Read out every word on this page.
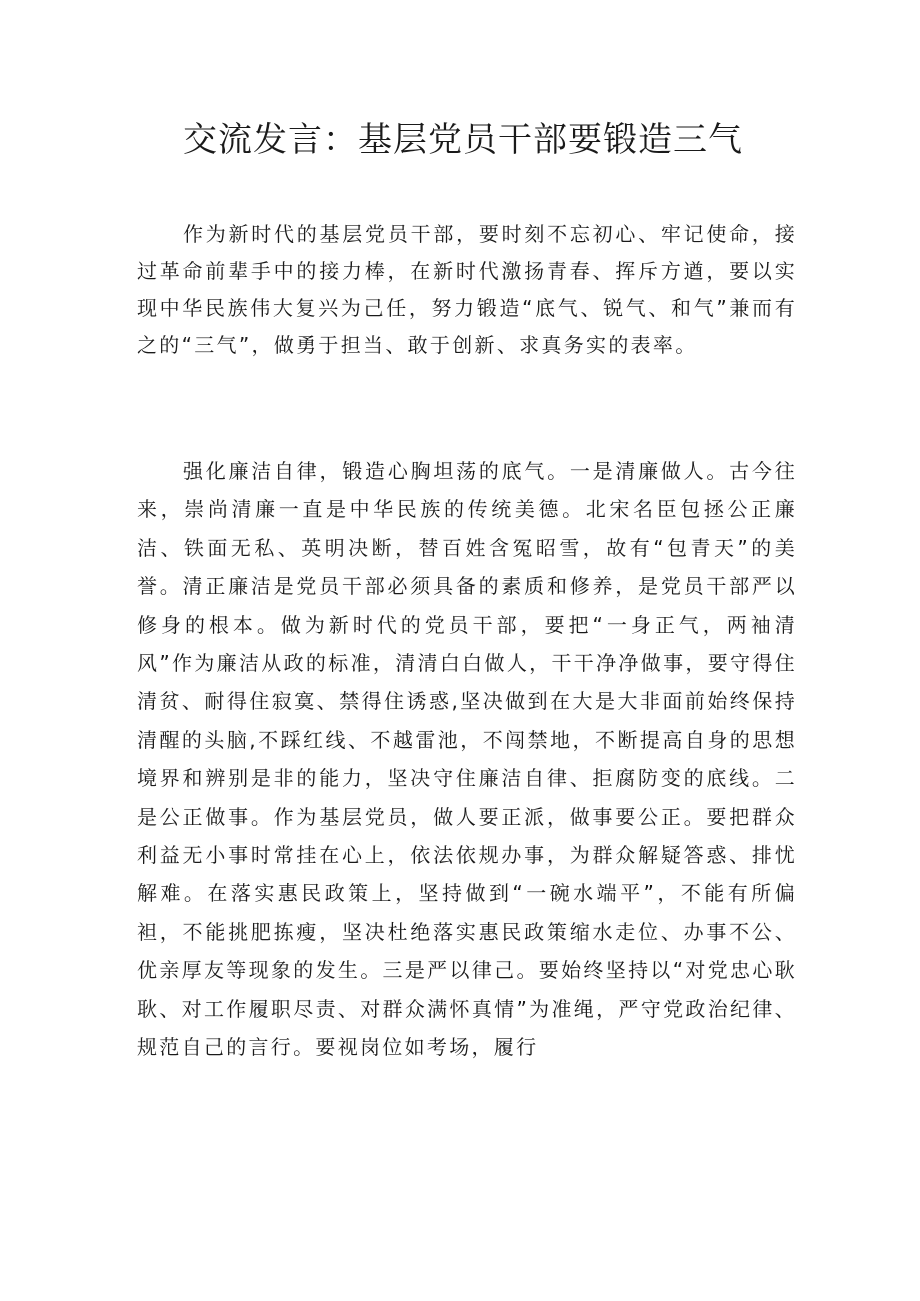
交流发言：基层党员干部要锻造三气

作为新时代的基层党员干部，要时刻不忘初心、牢记使命，接过革命前辈手中的接力棒，在新时代激扬青春、挥斥方遒，要以实现中华民族伟大复兴为己任，努力锻造“底气、锐气、和气”兼而有之的“三气”，做勇于担当、敢于创新、求真务实的表率。

强化廉洁自律，锻造心胸坦荡的底气。一是清廉做人。古今往来，崇尚清廉一直是中华民族的传统美德。北宋名臣包拯公正廉洁、铁面无私、英明决断，替百姓含冤昭雪，故有“包青天”的美誉。清正廉洁是党员干部必须具备的素质和修养，是党员干部严以修身的根本。做为新时代的党员干部，要把“一身正气，两袖清风”作为廉洁从政的标准，清清白白做人，干干净净做事，要守得住清贫、耐得住寂寞、禁得住诱惑,坚决做到在大是大非面前始终保持清醒的头脑,不踩红线、不越雷池，不闯禁地，不断提高自身的思想境界和辨别是非的能力，坚决守住廉洁自律、拒腐防变的底线。二是公正做事。作为基层党员，做人要正派，做事要公正。要把群众利益无小事时常挂在心上，依法依规办事，为群众解疑答惑、排忧解难。在落实惠民政策上，坚持做到“一碗水端平”，不能有所偏袒，不能挑肥拣瘦，坚决杜绝落实惠民政策缩水走位、办事不公、优亲厚友等现象的发生。三是严以律己。要始终坚持以“对党忠心耿耿、对工作履职尽责、对群众满怀真情”为准绳，严守党政治纪律、规范自己的言行。要视岗位如考场，履行
